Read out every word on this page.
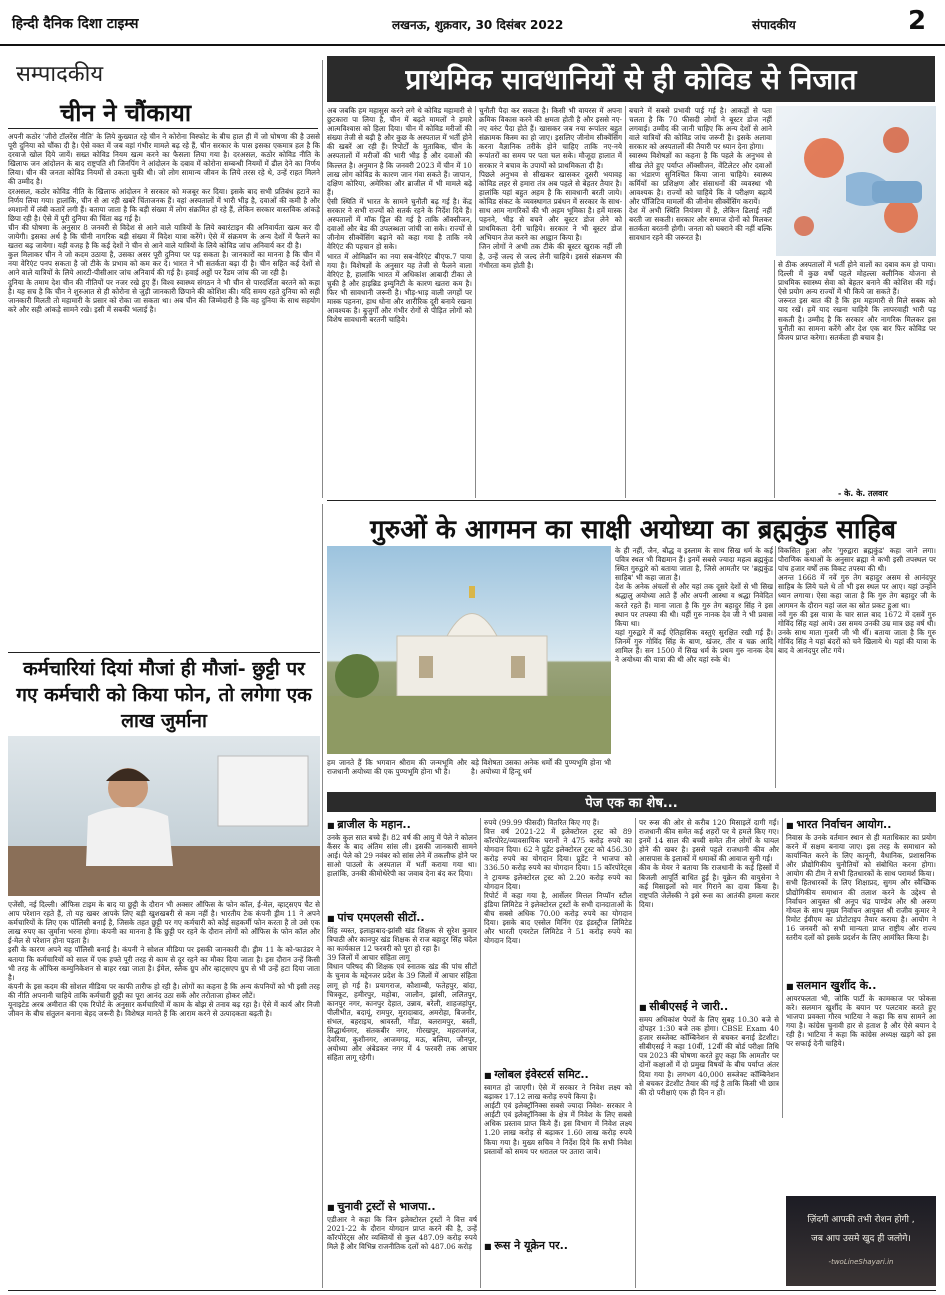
हिन्दी दैनिक दिशा टाइम्स	लखनऊ, शुक्रवार, 30 दिसंबर 2022	संपादकीय	2
सम्पादकीय
चीन ने चौंकाया
अपनी कठोर 'जीरो टॉलरेंस नीति' के लिये कुख्यात रहे चीन ने कोरोना विस्फोट के बीच हाल ही में जो घोषणा की है उससे पूरी दुनिया को चौंका दी है। ऐसे वक्त में जब वहां गंभीर मामले बढ़ रहे हैं, चीन सरकार के पास इसका एकमात्र हल है कि दरवाजे खोल दिये जायें। सख्त कोविड नियम खत्म करने का फैसला लिया गया है। दरअसल, कठोर कोविड नीति के खिलाफ जन आंदोलन के बाद राष्ट्रपति शी जिनपिंग ने आंदोलन के दबाव में कोरोना सम्बन्धी नियमों में ढील देने का निर्णय लिया। चीन की जनता कोविड नियमों से उकता चुकी थी। जो लोग सामान्य जीवन के लिये तरस रहे थे, उन्हें राहत मिलने की उम्मीद है।
दरअसल, कठोर कोविड नीति के खिलाफ आंदोलन ने सरकार को मजबूर कर दिया। इसके बाद सभी प्रतिबंध हटाने का निर्णय लिया गया। हालांकि, चीन से आ रही खबरें चिंताजनक हैं। वहां अस्पतालों में भारी भीड़ है, दवाओं की कमी है और श्मशानों में लंबी कतारें लगी हैं। बताया जाता है कि बड़ी संख्या में लोग संक्रमित हो रहे हैं, लेकिन सरकार वास्तविक आंकड़े छिपा रही है। ऐसे में पूरी दुनिया की चिंता बढ़ गई है।
चीन की घोषणा के अनुसार 8 जनवरी से विदेश से आने वाले यात्रियों के लिये क्वारंटाइन की अनिवार्यता खत्म कर दी जायेगी। इसका अर्थ है कि चीनी नागरिक बड़ी संख्या में विदेश यात्रा करेंगे। ऐसे में संक्रमण के अन्य देशों में फैलने का खतरा बढ़ जायेगा। यही वजह है कि कई देशों ने चीन से आने वाले यात्रियों के लिये कोविड जांच अनिवार्य कर दी है।
कुल मिलाकर चीन ने जो कदम उठाया है, उसका असर पूरी दुनिया पर पड़ सकता है। जानकारों का मानना है कि चीन में नया वेरिएंट पनप सकता है जो टीके के प्रभाव को कम कर दे। भारत ने भी सतर्कता बढ़ा दी है। चीन सहित कई देशों से आने वाले यात्रियों के लिये आरटी-पीसीआर जांच अनिवार्य की गई है। हवाई अड्डों पर रैंडम जांच की जा रही है।
दुनिया के तमाम देश चीन की नीतियों पर नजर रखे हुए हैं। विश्व स्वास्थ्य संगठन ने भी चीन से पारदर्शिता बरतने को कहा है। यह सच है कि चीन ने शुरुआत से ही कोरोना से जुड़ी जानकारी छिपाने की कोशिश की। यदि समय रहते दुनिया को सही जानकारी मिलती तो महामारी के प्रसार को रोका जा सकता था। अब चीन की जिम्मेदारी है कि वह दुनिया के साथ सहयोग करे और सही आंकड़े सामने रखे। इसी में सबकी भलाई है।
प्राथमिक सावधानियों से ही कोविड से निजात
अब जबकि हम महासुस करने लगे थे कोविड महामारी से छुटकारा पा लिया है, चीन में बढ़ते मामलों ने हमारे आत्मविश्वास को हिला दिया। चीन में कोविड मरीजों की संख्या तेजी से बढ़ी है और कुछ के अस्पताल में भर्ती होने की खबरें आ रही हैं। रिपोर्टों के मुताबिक, चीन के अस्पतालों में मरीजों की भारी भीड़ है और दवाओं की किल्लत है। अनुमान है कि जनवरी 2023 में चीन में 10 लाख लोग कोविड के कारण जान गंवा सकते हैं। जापान, दक्षिण कोरिया, अमेरिका और ब्राजील में भी मामले बढ़े हैं।
ऐसी स्थिति में भारत के सामने चुनौती बढ़ गई है। केंद्र सरकार ने सभी राज्यों को सतर्क रहने के निर्देश दिये हैं। अस्पतालों में मॉक ड्रिल की गई है ताकि ऑक्सीजन, दवाओं और बेड की उपलब्धता जांची जा सके। राज्यों से जीनोम सीक्वेंसिंग बढ़ाने को कहा गया है ताकि नये वेरिएंट की पहचान हो सके।
भारत में ओमिक्रॉन का नया सब-वेरिएंट बीएफ.7 पाया गया है। विशेषज्ञों के अनुसार यह तेजी से फैलने वाला वेरिएंट है, हालांकि भारत में अधिकांश आबादी टीका ले चुकी है और हाइब्रिड इम्युनिटी के कारण खतरा कम है। फिर भी सावधानी जरूरी है। भीड़-भाड़ वाली जगहों पर मास्क पहनना, हाथ धोना और शारीरिक दूरी बनाये रखना आवश्यक है। बुजुर्गों और गंभीर रोगों से पीड़ित लोगों को विशेष सावधानी बरतनी चाहिये।
चुनौती पैदा कर सकता है। किसी भी वायरस में अपना क्रमिक विकास करने की क्षमता होती है और इससे नए-नए वरुंट पैदा होते हैं। खासकर जब नया रूपांतर बहुत संक्रामक किस्म का हो जाए। इसलिए जीनोम सीक्वेंसिंग करना वैज्ञानिक तरीके होने चाहिए ताकि नए-नये रूपांतरों का समय पर पता चल सके। मौजूदा हालात में सरकार ने बचाव के उपायों को प्राथमिकता दी है।
पिछले अनुभव से सीखकर खासकर दूसरी भयावह कोविड लहर से हमारा तंत्र अब पहले से बेहतर तैयार है। हालांकि यहां बहुत अहम है कि सावधानी बरती जाये। कोविड संकट के व्यवस्थागत प्रबंधन में सरकार के साथ-साथ आम नागरिकों की भी अहम भूमिका है। हमें मास्क पहनने, भीड़ से बचने और बूस्टर डोज लेने को प्राथमिकता देनी चाहिये। सरकार ने भी बूस्टर डोज अभियान तेज करने का आह्वान किया है।
जिन लोगों ने अभी तक टीके की बूस्टर खुराक नहीं ली है, उन्हें जल्द से जल्द लेनी चाहिये। इससे संक्रमण की गंभीरता कम होती है।
बचाने में सबसे प्रभावी पाई गई है। आकड़ों से पता चलता है कि 70 फीसदी लोगों ने बूस्टर डोज नहीं लगवाई। उम्मीद की जानी चाहिए कि अन्य देशों से आने वाले यात्रियों की कोविड जांच जरूरी है। इसके अलावा सरकार को अस्पतालों की तैयारी पर ध्यान देना होगा।
स्वास्थ्य विशेषज्ञों का कहना है कि पहले के अनुभव से सीख लेते हुए पर्याप्त ऑक्सीजन, वेंटिलेटर और दवाओं का भंडारण सुनिश्चित किया जाना चाहिये। स्वास्थ्य कर्मियों का प्रशिक्षण और संसाधनों की व्यवस्था भी आवश्यक है। राज्यों को चाहिये कि वे परीक्षण बढ़ायें और पॉजिटिव मामलों की जीनोम सीक्वेंसिंग करायें।
देश में अभी स्थिति नियंत्रण में है, लेकिन ढिलाई नहीं बरती जा सकती। सरकार और समाज दोनों को मिलकर सतर्कता बरतनी होगी। जनता को घबराने की नहीं बल्कि सावधान रहने की जरूरत है।
से ठीक अस्पतालों में भर्ती होने वालों का दबाव कम हो पाया। दिल्ली में कुछ वर्षों पहले मोहल्ला क्लीनिक योजना से प्राथमिक स्वास्थ्य सेवा को बेहतर बनाने की कोशिश की गई। ऐसे प्रयोग अन्य राज्यों में भी किये जा सकते हैं।
जरूरत इस बात की है कि हम महामारी से मिले सबक को याद रखें। हमें याद रखना चाहिये कि लापरवाही भारी पड़ सकती है। उम्मीद है कि सरकार और नागरिक मिलकर इस चुनौती का सामना करेंगे और देश एक बार फिर कोविड पर विजय प्राप्त करेगा। सतर्कता ही बचाव है।
- के. के. तलवार
कर्मचारियां दियां मौजां ही मौजां- छुट्टी पर गए कर्मचारी को किया फोन, तो लगेगा एक लाख जुर्माना
एजेंसी, नई दिल्ली। ऑफिस टाइम के बाद या छुट्टी के दौरान भी अक्सर ऑफिस के फोन कॉल, ई-मेल, व्हाट्सएप चैट से आप परेशान रहते हैं, तो यह खबर आपके लिए बड़ी खुशखबरी से कम नहीं है। भारतीय टेक कंपनी ड्रीम 11 ने अपने कर्मचारियों के लिए एक पॉलिसी बनाई है, जिसके तहत छुट्टी पर गए कर्मचारी को कोई सहकर्मी फोन करता है तो उसे एक लाख रुपए का जुर्माना भरना होगा। कंपनी का मानना है कि छुट्टी पर रहने के दौरान लोगों को ऑफिस के फोन कॉल और ई-मेल से परेशान होना पड़ता है।
इसी के कारण अपने यह पॉलिसी बनाई है। कंपनी ने सोशल मीडिया पर इसकी जानकारी दी। ड्रीम 11 के को-फाउंडर ने बताया कि कर्मचारियों को साल में एक हफ्ते पूरी तरह से काम से दूर रहने का मौका दिया जाता है। इस दौरान उन्हें किसी भी तरह के ऑफिस कम्युनिकेशन से बाहर रखा जाता है। ईमेल, स्लैक ग्रुप और व्हाट्सएप ग्रुप से भी उन्हें हटा दिया जाता है।
कंपनी के इस कदम की सोशल मीडिया पर काफी तारीफ हो रही है। लोगों का कहना है कि अन्य कंपनियों को भी इसी तरह की नीति अपनानी चाहिये ताकि कर्मचारी छुट्टी का पूरा आनंद उठा सकें और तरोताजा होकर लौटें।
यूनाइटेड अरब अमीरात की एक रिपोर्ट के अनुसार कर्मचारियों में काम के बोझ से तनाव बढ़ रहा है। ऐसे में कार्य और निजी जीवन के बीच संतुलन बनाना बेहद जरूरी है। विशेषज्ञ मानते हैं कि आराम करने से उत्पादकता बढ़ती है।
गुरुओं के आगमन का साक्षी अयोध्या का ब्रह्मकुंड साहिब
हम जानते हैं कि भगवान श्रीराम की जन्मभूमि और राजधानी अयोध्या की एक पुण्यभूमि होना भी है।
बड़े विशेषता उसका अनेक धर्मों की पुण्यभूमि होना भी है। अयोध्या में हिन्दू धर्म
के ही नहीं, जैन, बौद्ध व इस्लाम के साथ सिख धर्म के कई पवित्र स्थल भी विद्यमान हैं। इनमें सबसे ज्यादा महत्व ब्रह्मकुंड स्थित गुरुद्वारे को बताया जाता है, जिसे आमतौर पर 'ब्रह्मकुंड साहिब' भी कहा जाता है।
देश के अनेक अंचलों से और यहां तक दूसरे देशों से भी सिख श्रद्धालु अयोध्या आते हैं और अपनी आस्था व श्रद्धा निवेदित करते रहते हैं। माना जाता है कि गुरु तेग बहादुर सिंह ने इस स्थान पर तपस्या की थी। यहीं गुरु नानक देव जी ने भी प्रवास किया था।
यहां गुरुद्वारे में कई ऐतिहासिक वस्तुएं सुरक्षित रखी गई हैं। जिनमें गुरु गोविंद सिंह के बाण, खंजर, तीर व चक्र आदि शामिल हैं। सन 1500 में सिख धर्म के प्रथम गुरु नानक देव ने अयोध्या की यात्रा की थी और यहां रुके थे।
विकसित हुआ और 'गुरुद्वारा ब्रह्मकुंड' कहा जाने लगा। पौराणिक कथाओं के अनुसार ब्रह्मा ने कभी इसी तपस्थल पर पांच हजार वर्षों तक विकट तपस्या की थी।
अनन्त 1668 में नवें गुरु तेग बहादुर असम से आनंदपुर साहिब के लिये चले थे तो भी इस स्थल पर आए। यहां उन्होंने ध्यान लगाया। ऐसा कहा जाता है कि गुरु तेग बहादुर जी के आगमन के दौरान यहां जल का स्रोत प्रकट हुआ था।
नवें गुरु की इस यात्रा के चार साल बाद 1672 में दसवें गुरु गोविंद सिंह यहां आये। उस समय उनकी उम्र मात्र छह वर्ष थी। उनके साथ माता गुजरी जी भी थीं। बताया जाता है कि गुरु गोविंद सिंह ने यहां बंदरों को चने खिलाये थे। यहां की यात्रा के बाद वे आनंदपुर लौट गये।
पेज एक का शेष...
■ ब्राजील के महान..
उनके कुल सात बच्चे हैं। 82 वर्ष की आयु में पेले ने कोलन कैंसर के बाद अंतिम सांस ली। इसकी जानकारी सामने आई। पेले को 29 नवंबर को सांस लेने में तकलीफ होने पर साओ पाउलो के अस्पताल में भर्ती कराया गया था। हालांकि, उनकी कीमोथेरेपी का जवाब देना बंद कर दिया।
■ पांच एमएलसी सीटों..
सिंह व्यस्त, इलाहाबाद-झांसी खंड शिक्षक से सुरेश कुमार त्रिपाठी और कानपुर खंड शिक्षक से राज बहादुर सिंह चंदेल का कार्यकाल 12 फरवरी को पूरा हो रहा है।
39 जिलों में आचार संहिता लागू
विधान परिषद की शिक्षक एवं स्नातक खंड की पांच सीटों के चुनाव के मद्देनजर प्रदेश के 39 जिलों में आचार संहिता लागू हो गई है। प्रयागराज, कौशाम्बी, फतेहपुर, बांदा, चित्रकूट, हमीरपुर, महोबा, जालौन, झांसी, ललितपुर, कानपुर नगर, कानपुर देहात, उन्नाव, बरेली, शाहजहांपुर, पीलीभीत, बदायूं, रामपुर, मुरादाबाद, अमरोहा, बिजनौर, संभल, बहराइच, श्रावस्ती, गोंडा, बलरामपुर, बस्ती, सिद्धार्थनगर, संतकबीर नगर, गोरखपुर, महराजगंज, देवरिया, कुशीनगर, आजमगढ़, मऊ, बलिया, जौनपुर, अयोध्या और अंबेडकर नगर में 4 फरवरी तक आचार संहिता लागू रहेगी।
■ चुनावी ट्रस्टों से भाजपा..
एडीआर ने कहा कि जिन इलेक्टोरल ट्रस्टों ने वित्त वर्ष 2021-22 के दौरान योगदान प्राप्त करने की है, उन्हें कॉरपोरेट्स और व्यक्तियों से कुल 487.09 करोड़ रुपये मिले हैं और विभिन्न राजनीतिक दलों को 487.06 करोड़
रुपये (99.99 फीसदी) वितरित किए गए हैं।
वित्त वर्ष 2021-22 में इलेक्टोरल ट्रस्ट को 89 कॉरपोरेट/व्यावसायिक घरानों ने 475 करोड़ रुपये का योगदान दिया। 62 ने प्रूडेंट इलेक्टोरल ट्रस्ट को 456.30 करोड़ रुपये का योगदान दिया। प्रूडेंट ने भाजपा को 336.50 करोड़ रुपये का योगदान दिया। 15 कॉरपोरेट्स ने ट्रायम्फ इलेक्टोरल ट्रस्ट को 2.20 करोड़ रुपये का योगदान दिया।
रिपोर्ट में कहा गया है, आर्सेलर मित्तल निप्पॉन स्टील इंडिया लिमिटेड ने इलेक्टोरल ट्रस्टों के सभी दानदाताओं के बीच सबसे अधिक 70.00 करोड़ रुपये का योगदान दिया। इसके बाद एस्सेल मिनिंग एंड इंडस्ट्रीज लिमिटेड और भारती एयरटेल लिमिटेड ने 51 करोड़ रुपये का योगदान दिया।
■ ग्लोबल इंवेस्टर्स समिट..
स्वागत हो जाएगी। ऐसे में सरकार ने निवेश लक्ष्य को बढ़ाकर 17.12 लाख करोड़ रुपये किया है।
आईटी एवं इलेक्ट्रॉनिक्स सबसे ज्यादा निवेश- सरकार ने आईटी एवं इलेक्ट्रॉनिक्स के क्षेत्र में निवेश के लिए सबसे अधिक प्रस्ताव प्राप्त किये हैं। इस विभाग में निवेश लक्ष्य 1.20 लाख करोड़ से बढ़ाकर 1.60 लाख करोड़ रुपये किया गया है। मुख्य सचिव ने निर्देश दिये कि सभी निवेश प्रस्तावों को समय पर धरातल पर उतारा जाये।
■ रूस ने यूक्रेन पर..
पर रूस की ओर से करीब 120 मिसाइलें दागी गईं। राजधानी कीव समेत कई शहरों पर ये हमले किए गए। इनमें 14 साल की बच्ची समेत तीन लोगों के घायल होने की खबर है। इससे पहले राजधानी कीव और आसपास के इलाकों में धमाकों की आवाज सुनी गई।
कीव के मेयर ने बताया कि राजधानी के कई हिस्सों में बिजली आपूर्ति बाधित हुई है। यूक्रेन की वायुसेना ने कई मिसाइलों को मार गिराने का दावा किया है। राष्ट्रपति जेलेंस्की ने इसे रूस का आतंकी हमला करार दिया।
■ सीबीएसई ने जारी..
समय अधिकांश पेपरों के लिए सुबह 10.30 बजे से दोपहर 1:30 बजे तक होगा। CBSE Exam 40 हजार सब्जेक्ट कॉम्बिनेशन से बचकर बनाई डेटशीट। सीबीएसई ने कहा 10वीं, 12वीं की बोर्ड परीक्षा तिथि पत्र 2023 की घोषणा करते हुए कहा कि आमतौर पर दोनों कक्षाओं में दो प्रमुख विषयों के बीच पर्याप्त अंतर दिया गया है। लगभग 40,000 सब्जेक्ट कॉम्बिनेशन से बचकर डेटशीट तैयार की गई है ताकि किसी भी छात्र की दो परीक्षाएं एक ही दिन न हों।
■ भारत निर्वाचन आयोग..
निवास के उनके वर्तमान स्थान से ही मताधिकार का प्रयोग करने में सक्षम बनाया जाए। इस तरह के समाधान को कार्यान्वित करने के लिए कानूनी, वैधानिक, प्रशासनिक और प्रौद्योगिकीय चुनौतियों को संबोधित करना होगा। आयोग की टीम ने सभी हितधारकों के साथ परामर्श किया।
सभी हितधारकों के लिए शिक्षाप्रद, सुगम और स्वैच्छिक प्रौद्योगिकीय समाधान की तलाश करने के उद्देश्य से निर्वाचन आयुक्त श्री अनूप चंद्र पाण्डेय और श्री अरुण गोयल के साथ मुख्य निर्वाचन आयुक्त श्री राजीव कुमार ने रिमोट ईवीएम का प्रोटोटाइप तैयार कराया है। आयोग ने 16 जनवरी को सभी मान्यता प्राप्त राष्ट्रीय और राज्य स्तरीय दलों को इसके प्रदर्शन के लिए आमंत्रित किया है।
■ सलमान खुर्शीद के..
आयरफलता भी, जोकि पार्टी के कामकाज पर फोकस करे। सलमान खुर्शीद के बयान पर पलटवार करते हुए भाजपा प्रवक्ता गौरव भाटिया ने कहा कि सच सामने आ गया है। कांग्रेस चुनावी हार से हताश है और ऐसे बयान दे रही है। भाटिया ने कहा कि कांग्रेस अध्यक्ष खड़गे को इस पर सफाई देनी चाहिये।
ज़िंदगी आपकी तभी रोशन होगी ,
जब आप उसमे खुद ही जलोगे।
-twoLineShayari.in
